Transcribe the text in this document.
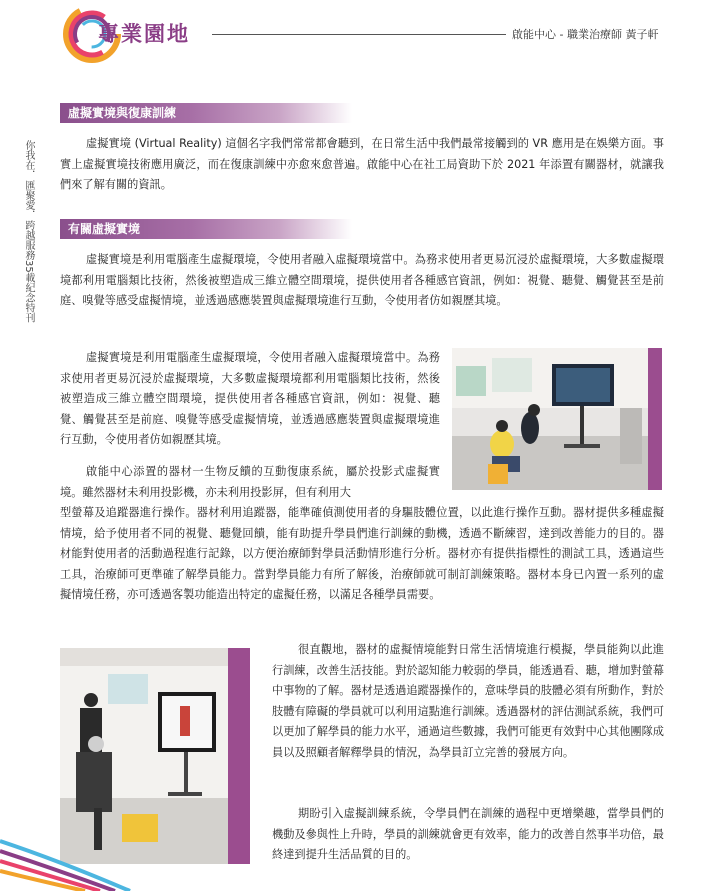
專業園地	啟能中心 - 職業治療師 黃子軒
你我在．匯聚愛．跨越服務35載紀念特刊
虛擬實境與復康訓練

虛擬實境 (Virtual Reality) 這個名字我們常常都會聽到，在日常生活中我們最常接觸到的 VR 應用是在娛樂方面。事實上虛擬實境技術應用廣泛，而在復康訓練中亦愈來愈普遍。啟能中心在社工局資助下於 2021 年添置有關器材，就讓我們來了解有關的資訊。

有關虛擬實境

虛擬實境是利用電腦產生虛擬環境，令使用者融入虛擬環境當中。為務求使用者更易沉浸於虛擬環境，大多數虛擬環境都利用電腦類比技術，然後被塑造成三維立體空間環境，提供使用者各種感官資訊，例如：視覺、聽覺、觸覺甚至是前庭、嗅覺等感受虛擬情境，並透過感應裝置與虛擬環境進行互動，令使用者仿如親歷其境。

虛擬實境是利用電腦產生虛擬環境，令使用者融入虛擬環境當中。為務求使用者更易沉浸於虛擬環境，大多數虛擬環境都利用電腦類比技術，然後被塑造成三維立體空間環境，提供使用者各種感官資訊，例如：視覺、聽覺、觸覺甚至是前庭、嗅覺等感受虛擬情境，並透過感應裝置與虛擬環境進行互動，令使用者仿如親歷其境。

啟能中心添置的器材一生物反饋的互動復康系統，屬於投影式虛擬實境。雖然器材未利用投影機，亦未利用投影屏，但有利用大

型螢幕及追蹤器進行操作。器材利用追蹤器，能準確偵測使用者的身驅肢體位置，以此進行操作互動。器材提供多種虛擬情境，給予使用者不同的視覺、聽覺回饋，能有助提升學員們進行訓練的動機，透過不斷練習，達到改善能力的目的。器材能對使用者的活動過程進行記錄，以方便治療師對學員活動情形進行分析。器材亦有提供指標性的測試工具，透過這些工具，治療師可更準確了解學員能力。當對學員能力有所了解後，治療師就可制訂訓練策略。器材本身已內置一系列的虛擬情境任務，亦可透過客製功能造出特定的虛擬任務，以滿足各種學員需要。

很直觀地，器材的虛擬情境能對日常生活情境進行模擬，學員能夠以此進行訓練，改善生活技能。對於認知能力較弱的學員，能透過看、聽，增加對螢幕中事物的了解。器材是透過追蹤器操作的，意味學員的肢體必須有所動作，對於肢體有障礙的學員就可以利用這點進行訓練。透過器材的評估測試系統，我們可以更加了解學員的能力水平，通過這些數據，我們可能更有效對中心其他團隊成員以及照顧者解釋學員的情況，為學員訂立完善的發展方向。

期盼引入虛擬訓練系統，令學員們在訓練的過程中更增樂趣，當學員們的機動及參與性上升時，學員的訓練就會更有效率，能力的改善自然事半功倍，最終達到提升生活品質的目的。
